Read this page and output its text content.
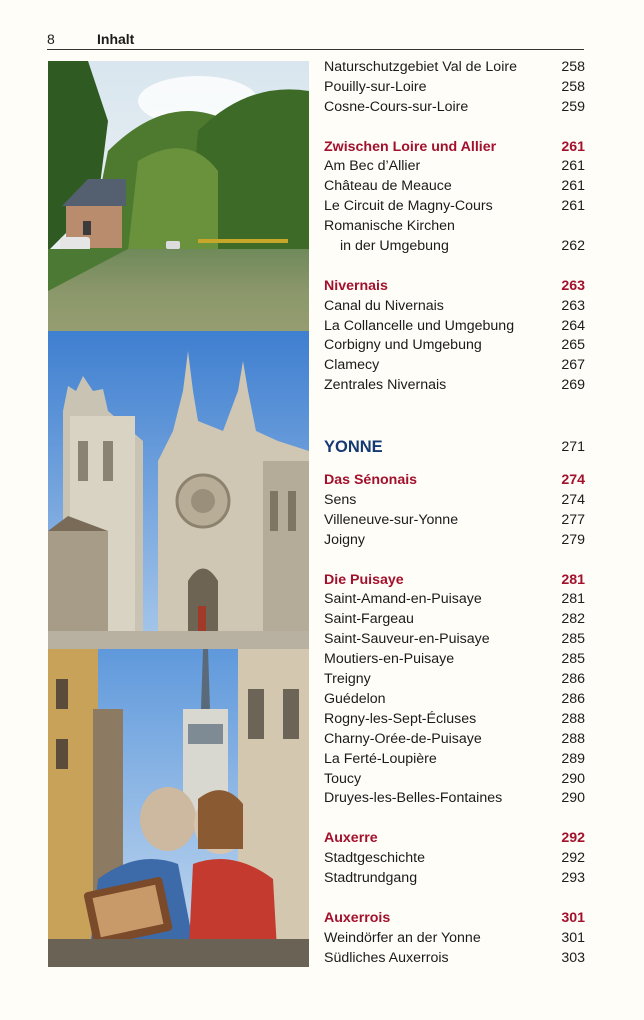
8	Inhalt
Naturschutzgebiet Val de Loire	258
Pouilly-sur-Loire	258
Cosne-Cours-sur-Loire	259
Zwischen Loire und Allier	261
Am Bec d’Allier	261
Château de Meauce	261
Le Circuit de Magny-Cours	261
Romanische Kirchen
in der Umgebung	262
Nivernais	263
Canal du Nivernais	263
La Collancelle und Umgebung	264
Corbigny und Umgebung	265
Clamecy	267
Zentrales Nivernais	269
YONNE	271
Das Sénonais	274
Sens	274
Villeneuve-sur-Yonne	277
Joigny	279
Die Puisaye	281
Saint-Amand-en-Puisaye	281
Saint-Fargeau	282
Saint-Sauveur-en-Puisaye	285
Moutiers-en-Puisaye	285
Treigny	286
Guédelon	286
Rogny-les-Sept-Écluses	288
Charny-Orée-de-Puisaye	288
La Ferté-Loupière	289
Toucy	290
Druyes-les-Belles-Fontaines	290
Auxerre	292
Stadtgeschichte	292
Stadtrundgang	293
Auxerrois	301
Weindörfer an der Yonne	301
Südliches Auxerrois	303
